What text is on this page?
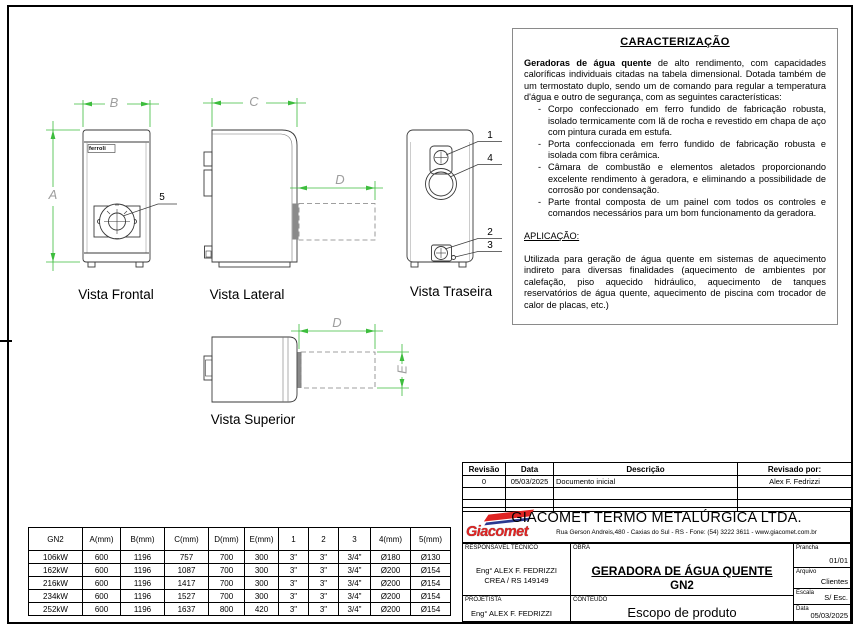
ferroli
B
A
C
D
D
E
5
1
4
2
3
Vista Frontal	Vista Lateral	Vista Traseira
Vista Superior
CARACTERIZAÇÃO
Geradoras de água quente de alto rendimento, com capacidades caloríficas individuais citadas na tabela dimensional. Dotada também de um termostato duplo, sendo um de comando para regular a temperatura d'água e outro de segurança, com as seguintes características:
- Corpo confeccionado em ferro fundido de fabricação robusta, isolado termicamente com lã de rocha e revestido em chapa de aço com pintura curada em estufa.
- Porta confeccionada em ferro fundido de fabricação robusta e isolada com fibra cerâmica.
- Câmara de combustão e elementos aletados proporcionando excelente rendimento à geradora, e eliminando a possibilidade de corrosão por condensação.
- Parte frontal composta de um painel com todos os controles e comandos necessários para um bom funcionamento da geradora.
APLICAÇÃO:
Utilizada para geração de água quente em sistemas de aquecimento indireto para diversas finalidades (aquecimento de ambientes por calefação, piso aquecido hidráulico, aquecimento de tanques reservatórios de água quente, aquecimento de piscina com trocador de calor de placas, etc.)
GN2	A(mm)	B(mm)	C(mm)	D(mm)	E(mm)	1	2	3	4(mm)	5(mm)
106kW	600	1196	757	700	300	3"	3"	3/4"	Ø180	Ø130
162kW	600	1196	1087	700	300	3"	3"	3/4"	Ø200	Ø154
216kW	600	1196	1417	700	300	3"	3"	3/4"	Ø200	Ø154
234kW	600	1196	1527	700	300	3"	3"	3/4"	Ø200	Ø154
252kW	600	1196	1637	800	420	3"	3"	3/4"	Ø200	Ø154
Revisão	Data	Descrição	Revisado por:
0	05/03/2025	Documento inicial	Alex F. Fedrizzi

Giacomet
GIACOMET TERMO METALÚRGICA LTDA.
Rua Gerson Andreis,480 - Caxias do Sul - RS - Fone: (54) 3222 3611 - www.giacomet.com.br
RESPONSÁVEL TÉCNICO
Eng° ALEX F. FEDRIZZI
CREA / RS 149149
PROJETISTA
Eng° ALEX F. FEDRIZZI
OBRA
GERADORA DE ÁGUA QUENTE
GN2
CONTEÚDO
Escopo de produto
Prancha
01/01
Arquivo
Clientes
Escala S/ Esc.
Data
05/03/2025
